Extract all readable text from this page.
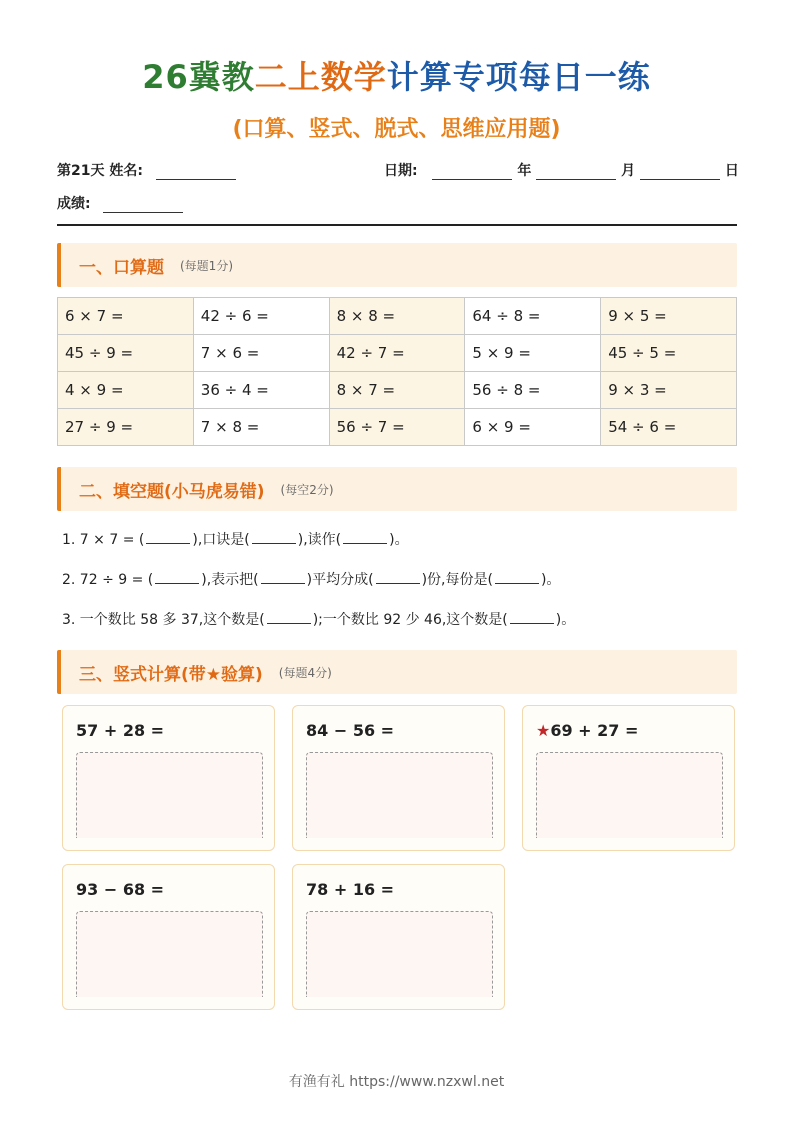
26冀教二上数学计算专项每日一练
(口算、竖式、脱式、思维应用题)
第21天 姓名:	日期:	年	月	日
成绩:
一、口算题 (每题1分)
6 × 7 =	42 ÷ 6 =	8 × 8 =	64 ÷ 8 =	9 × 5 =
45 ÷ 9 =	7 × 6 =	42 ÷ 7 =	5 × 9 =	45 ÷ 5 =
4 × 9 =	36 ÷ 4 =	8 × 7 =	56 ÷ 8 =	9 × 3 =
27 ÷ 9 =	7 × 8 =	56 ÷ 7 =	6 × 9 =	54 ÷ 6 =
二、填空题(小马虎易错) (每空2分)
1. 7 × 7 = (	),口诀是(	),读作(	)。
2. 72 ÷ 9 = (	),表示把(	)平均分成(	)份,每份是(	)。
3. 一个数比 58 多 37,这个数是(	);一个数比 92 少 46,这个数是(	)。
三、竖式计算(带★验算) (每题4分)
57 + 28 =	84 − 56 =	★69 + 27 =
93 − 68 =	78 + 16 =
有渔有礼 https://www.nzxwl.net
